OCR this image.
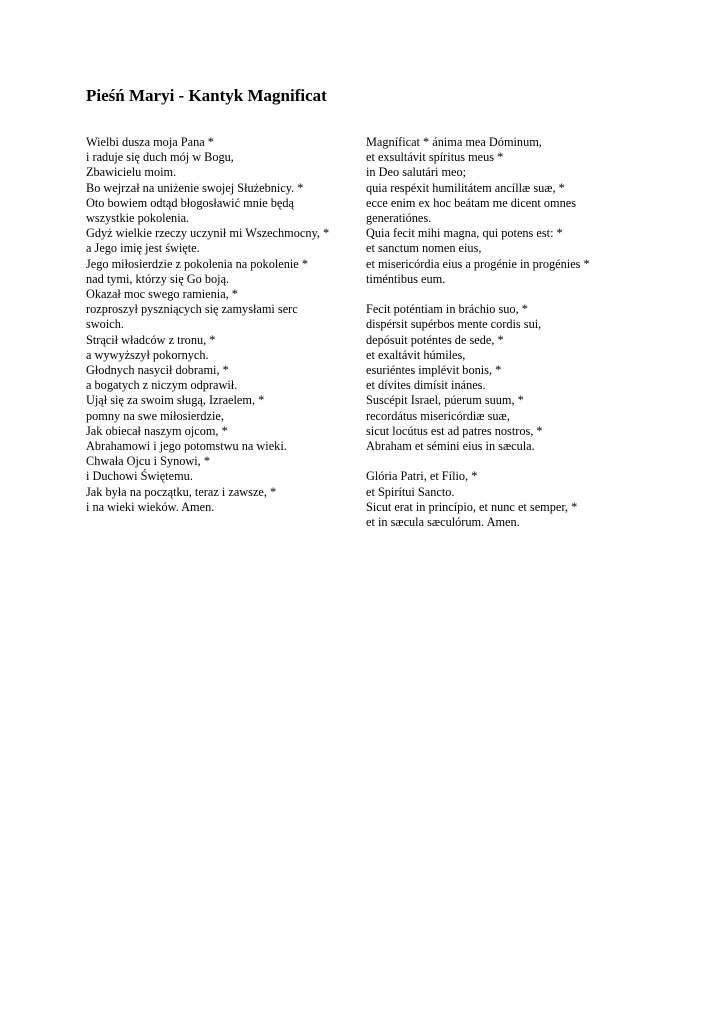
Pieśń Maryi - Kantyk Magnificat
Wielbi dusza moja Pana *
i raduje się duch mój w Bogu,
Zbawicielu moim.
Bo wejrzał na uniżenie swojej Służebnicy. *
Oto bowiem odtąd błogosławić mnie będą
wszystkie pokolenia.
Gdyż wielkie rzeczy uczynił mi Wszechmocny, *
a Jego imię jest święte.
Jego miłosierdzie z pokolenia na pokolenie *
nad tymi, którzy się Go boją.
Okazał moc swego ramienia, *
rozproszył pyszniących się zamysłami serc
swoich.
Strącił władców z tronu, *
a wywyższył pokornych.
Głodnych nasycił dobrami, *
a bogatych z niczym odprawił.
Ujął się za swoim sługą, Izraelem, *
pomny na swe miłosierdzie,
Jak obiecał naszym ojcom, *
Abrahamowi i jego potomstwu na wieki.
Chwała Ojcu i Synowi, *
i Duchowi Świętemu.
Jak była na początku, teraz i zawsze, *
i na wieki wieków. Amen.
Magníficat * ánima mea Dóminum,
et exsultávit spíritus meus *
in Deo salutári meo;
quia respéxit humilitátem ancíllæ suæ, *
ecce enim ex hoc beátam me dicent omnes
generatiónes.
Quia fecit mihi magna, qui potens est: *
et sanctum nomen eius,
et misericórdia eius a progénie in progénies *
timéntibus eum.
Fecit poténtiam in bráchio suo, *
dispérsit supérbos mente cordis sui,
depósuit poténtes de sede, *
et exaltávit húmiles,
esuriéntes implévit bonis, *
et dívites dimísit inánes.
Suscépit Israel, púerum suum, *
recordátus misericórdiæ suæ,
sicut locútus est ad patres nostros, *
Abraham et sémini eius in sæcula.
Glória Patri, et Fílio, *
et Spirítui Sancto.
Sicut erat in princípio, et nunc et semper, *
et in sæcula sæculórum. Amen.
